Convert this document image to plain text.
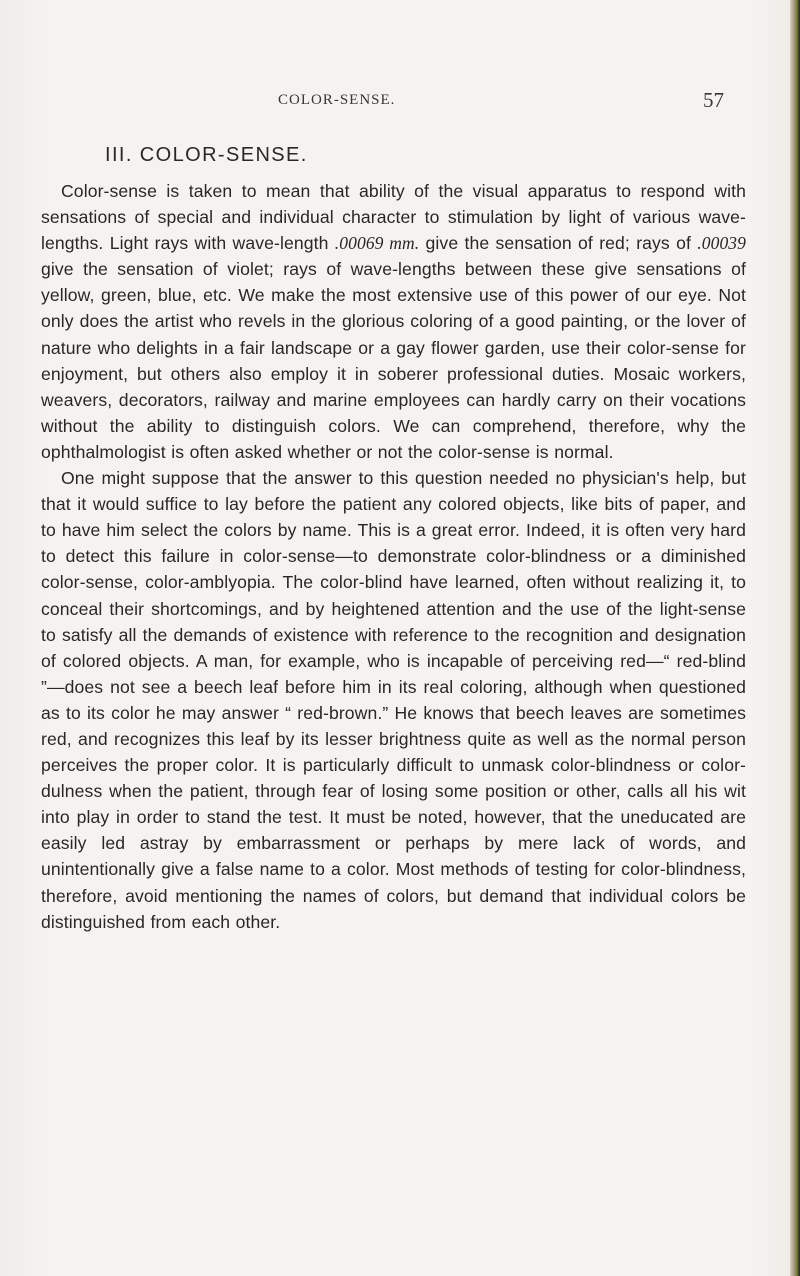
COLOR-SENSE.	57
III. COLOR-SENSE.

Color-sense is taken to mean that ability of the visual apparatus to respond with sensations of special and individual character to stimulation by light of various wave-lengths. Light rays with wave-length .00069 mm. give the sensation of red; rays of .00039 give the sensation of violet; rays of wave-lengths between these give sensations of yellow, green, blue, etc. We make the most extensive use of this power of our eye. Not only does the artist who revels in the glorious coloring of a good painting, or the lover of nature who delights in a fair landscape or a gay flower garden, use their color-sense for enjoyment, but others also employ it in soberer professional duties. Mosaic workers, weavers, decorators, railway and marine employees can hardly carry on their vocations without the ability to distinguish colors. We can comprehend, therefore, why the ophthalmologist is often asked whether or not the color-sense is normal.

One might suppose that the answer to this question needed no physician's help, but that it would suffice to lay before the patient any colored objects, like bits of paper, and to have him select the colors by name. This is a great error. Indeed, it is often very hard to detect this failure in color-sense—to demonstrate color-blindness or a diminished color-sense, color-amblyopia. The color-blind have learned, often without realizing it, to conceal their shortcomings, and by heightened attention and the use of the light-sense to satisfy all the demands of existence with reference to the recognition and designation of colored objects. A man, for example, who is incapable of perceiving red—“ red-blind ”—does not see a beech leaf before him in its real coloring, although when questioned as to its color he may answer “ red-brown.” He knows that beech leaves are sometimes red, and recognizes this leaf by its lesser brightness quite as well as the normal person perceives the proper color. It is particularly difficult to unmask color-blindness or color-dulness when the patient, through fear of losing some position or other, calls all his wit into play in order to stand the test. It must be noted, however, that the uneducated are easily led astray by embarrassment or perhaps by mere lack of words, and unintentionally give a false name to a color. Most methods of testing for color-blindness, therefore, avoid mentioning the names of colors, but demand that individual colors be distinguished from each other.
